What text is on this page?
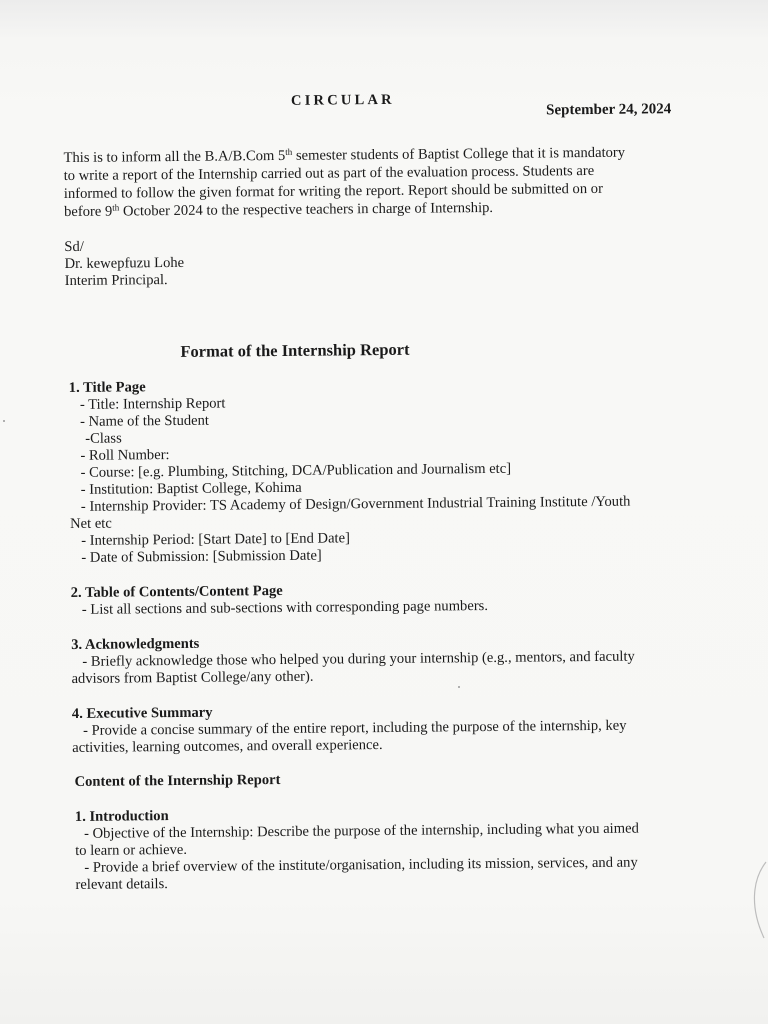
CIRCULAR
September 24, 2024
This is to inform all the B.A/B.Com 5th semester students of Baptist College that it is mandatory
to write a report of the Internship carried out as part of the evaluation process. Students are
informed to follow the given format for writing the report. Report should be submitted on or
before 9th October 2024 to the respective teachers in charge of Internship.
Sd/
Dr. kewepfuzu Lohe
Interim Principal.
Format of the Internship Report
1. Title Page
- Title: Internship Report
- Name of the Student
-Class
- Roll Number:
- Course: [e.g. Plumbing, Stitching, DCA/Publication and Journalism etc]
- Institution: Baptist College, Kohima
- Internship Provider: TS Academy of Design/Government Industrial Training Institute /Youth
Net etc
- Internship Period: [Start Date] to [End Date]
- Date of Submission: [Submission Date]
2. Table of Contents/Content Page
- List all sections and sub-sections with corresponding page numbers.
3. Acknowledgments
- Briefly acknowledge those who helped you during your internship (e.g., mentors, and faculty
advisors from Baptist College/any other).
4. Executive Summary
- Provide a concise summary of the entire report, including the purpose of the internship, key
activities, learning outcomes, and overall experience.
Content of the Internship Report
1. Introduction
- Objective of the Internship: Describe the purpose of the internship, including what you aimed
to learn or achieve.
- Provide a brief overview of the institute/organisation, including its mission, services, and any
relevant details.
